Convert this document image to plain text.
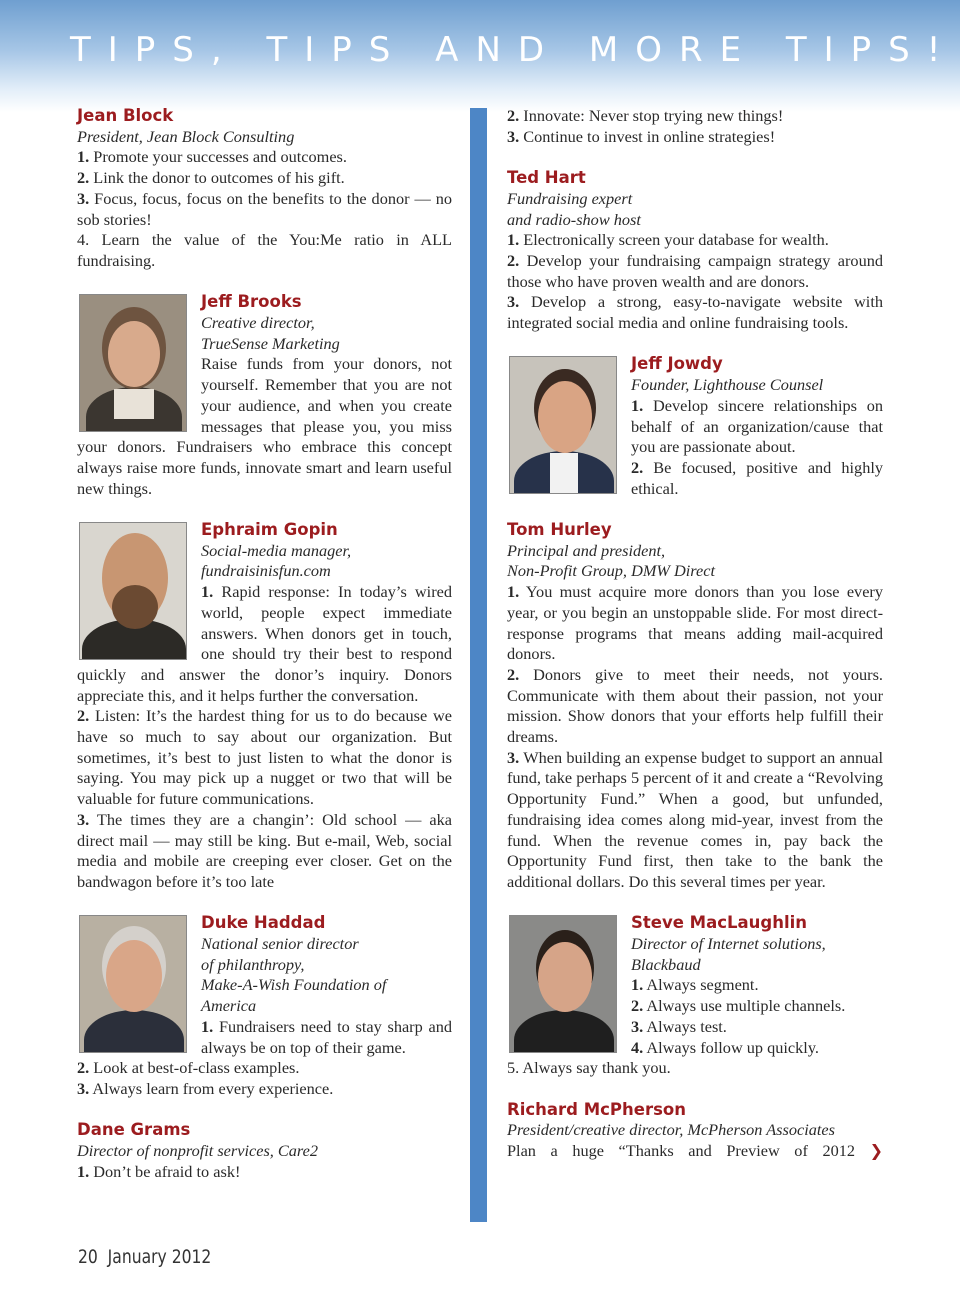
TIPS, TIPS AND MORE TIPS!
Jean Block
President, Jean Block Consulting
1. Promote your successes and outcomes.
2. Link the donor to outcomes of his gift.
3. Focus, focus, focus on the benefits to the donor — no sob stories!
4. Learn the value of the You:Me ratio in ALL fundraising.
Jeff Brooks
Creative director,
TrueSense Marketing
Raise funds from your donors, not yourself. Remember that you are not your audience, and when you create messages that please you, you miss your donors. Fundraisers who embrace this concept always raise more funds, innovate smart and learn useful new things.
Ephraim Gopin
Social-media manager,
fundraisinisfun.com
1. Rapid response: In today’s wired world, people expect immediate answers. When donors get in touch, one should try their best to respond quickly and answer the donor’s inquiry. Donors appreciate this, and it helps further the conversation.
2. Listen: It’s the hardest thing for us to do because we have so much to say about our organization. But sometimes, it’s best to just listen to what the donor is saying. You may pick up a nugget or two that will be valuable for future communications.
3. The times they are a changin’: Old school — aka direct mail — may still be king. But e-mail, Web, social media and mobile are creeping ever closer. Get on the bandwagon before it’s too late
Duke Haddad
National senior director
of philanthropy,
Make-A-Wish Foundation of
America
1. Fundraisers need to stay sharp and always be on top of their game.
2. Look at best-of-class examples.
3. Always learn from every experience.
Dane Grams
Director of nonprofit services, Care2
1. Don’t be afraid to ask!
2. Innovate: Never stop trying new things!
3. Continue to invest in online strategies!
Ted Hart
Fundraising expert
and radio-show host
1. Electronically screen your database for wealth.
2. Develop your fundraising campaign strategy around those who have proven wealth and are donors.
3. Develop a strong, easy-to-navigate website with integrated social media and online fundraising tools.
Jeff Jowdy
Founder, Lighthouse Counsel
1. Develop sincere relationships on behalf of an organization/cause that you are passionate about.
2. Be focused, positive and highly ethical.
Tom Hurley
Principal and president,
Non-Profit Group, DMW Direct
1. You must acquire more donors than you lose every year, or you begin an unstoppable slide. For most direct-response programs that means adding mail-acquired donors.
2. Donors give to meet their needs, not yours. Communicate with them about their passion, not your mission. Show donors that your efforts help fulfill their dreams.
3. When building an expense budget to support an annual fund, take perhaps 5 percent of it and create a “Revolving Opportunity Fund.” When a good, but unfunded, fundraising idea comes along mid-year, invest from the fund. When the revenue comes in, pay back the Opportunity Fund first, then take to the bank the additional dollars. Do this several times per year.
Steve MacLaughlin
Director of Internet solutions,
Blackbaud
1. Always segment.
2. Always use multiple channels.
3. Always test.
4. Always follow up quickly.
5. Always say thank you.
Richard McPherson
President/creative director, McPherson Associates
Plan a huge “Thanks and Preview of 2012 ❯
20 January 2012
